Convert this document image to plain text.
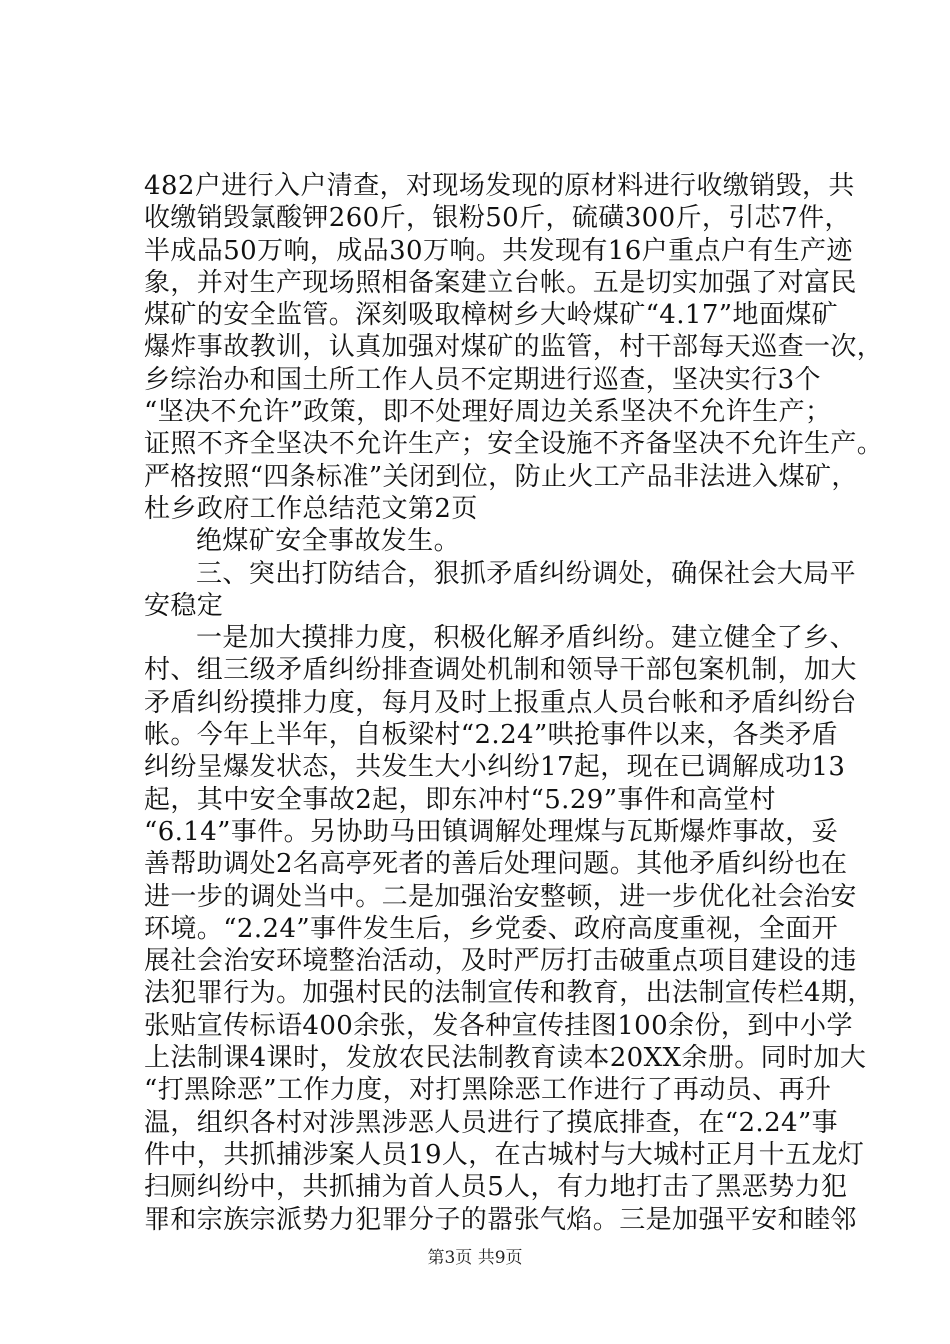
482户进行入户清查，对现场发现的原材料进行收缴销毁，共
收缴销毁氯酸钾260斤，银粉50斤，硫磺300斤，引芯7件，
半成品50万响，成品30万响。共发现有16户重点户有生产迹
象，并对生产现场照相备案建立台帐。五是切实加强了对富民
煤矿的安全监管。深刻吸取樟树乡大岭煤矿“4.17”地面煤矿
爆炸事故教训，认真加强对煤矿的监管，村干部每天巡查一次，
乡综治办和国土所工作人员不定期进行巡查，坚决实行3个
“坚决不允许”政策，即不处理好周边关系坚决不允许生产；
证照不齐全坚决不允许生产；安全设施不齐备坚决不允许生产。
严格按照“四条标准”关闭到位，防止火工产品非法进入煤矿，
杜乡政府工作总结范文第2页
绝煤矿安全事故发生。
三、突出打防结合，狠抓矛盾纠纷调处，确保社会大局平
安稳定
一是加大摸排力度，积极化解矛盾纠纷。建立健全了乡、
村、组三级矛盾纠纷排查调处机制和领导干部包案机制，加大
矛盾纠纷摸排力度，每月及时上报重点人员台帐和矛盾纠纷台
帐。今年上半年，自板梁村“2.24”哄抢事件以来，各类矛盾
纠纷呈爆发状态，共发生大小纠纷17起，现在已调解成功13
起，其中安全事故2起，即东冲村“5.29”事件和高堂村
“6.14”事件。另协助马田镇调解处理煤与瓦斯爆炸事故，妥
善帮助调处2名高亭死者的善后处理问题。其他矛盾纠纷也在
进一步的调处当中。二是加强治安整顿，进一步优化社会治安
环境。“2.24”事件发生后，乡党委、政府高度重视，全面开
展社会治安环境整治活动，及时严厉打击破重点项目建设的违
法犯罪行为。加强村民的法制宣传和教育，出法制宣传栏4期，
张贴宣传标语400余张，发各种宣传挂图100余份，到中小学
上法制课4课时，发放农民法制教育读本20XX余册。同时加大
“打黑除恶”工作力度，对打黑除恶工作进行了再动员、再升
温，组织各村对涉黑涉恶人员进行了摸底排查，在“2.24”事
件中，共抓捕涉案人员19人，在古城村与大城村正月十五龙灯
扫厕纠纷中，共抓捕为首人员5人，有力地打击了黑恶势力犯
罪和宗族宗派势力犯罪分子的嚣张气焰。三是加强平安和睦邻
第3页 共9页
